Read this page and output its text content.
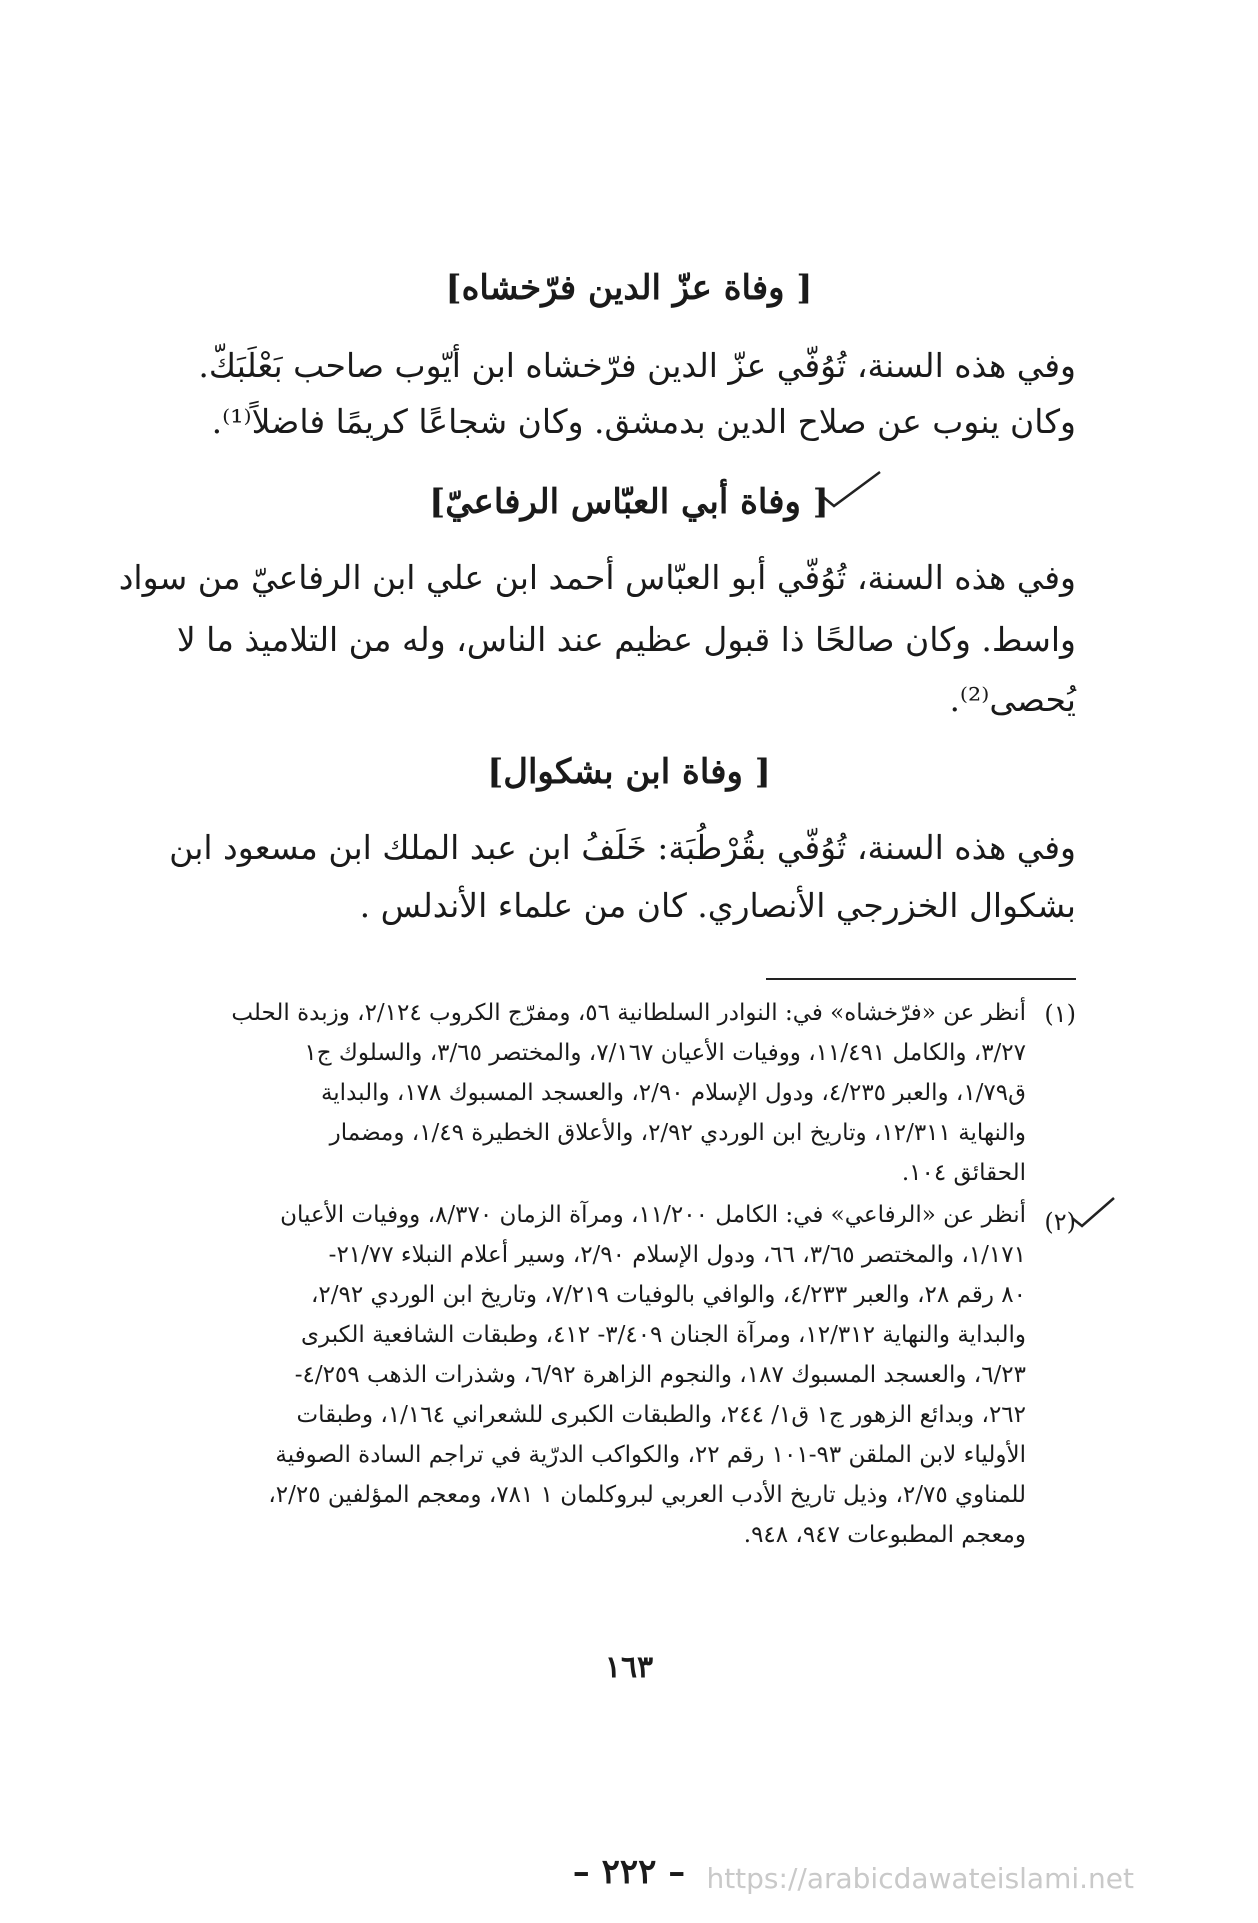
[ وفاة عزّ الدين فرّخشاه]
وفي هذه السنة، تُوُفّي عزّ الدين فرّخشاه ابن أيّوب صاحب بَعْلَبَكّ.
وكان ينوب عن صلاح الدين بدمشق. وكان شجاعًا كريمًا فاضلاً⁽¹⁾.
[ وفاة أبي العبّاس الرفاعيّ]
وفي هذه السنة، تُوُفّي أبو العبّاس أحمد ابن علي ابن الرفاعيّ من سواد
واسط. وكان صالحًا ذا قبول عظيم عند الناس، وله من التلاميذ ما لا
يُحصى⁽²⁾.
[ وفاة ابن بشكوال]
وفي هذه السنة، تُوُفّي بقُرْطُبَة: خَلَفُ ابن عبد الملك ابن مسعود ابن
بشكوال الخزرجي الأنصاري. كان من علماء الأندلس .
(١)
أنظر عن «فرّخشاه» في: النوادر السلطانية ٥٦، ومفرّج الكروب ٢/١٢٤، وزبدة الحلب
٣/٢٧، والكامل ١١/٤٩١، ووفيات الأعيان ٧/١٦٧، والمختصر ٣/٦٥، والسلوك ج١
ق١/٧٩، والعبر ٤/٢٣٥، ودول الإسلام ٢/٩٠، والعسجد المسبوك ١٧٨، والبداية
والنهاية ١٢/٣١١، وتاريخ ابن الوردي ٢/٩٢، والأعلاق الخطيرة ١/٤٩، ومضمار
الحقائق ١٠٤.
(٢)
أنظر عن «الرفاعي» في: الكامل ١١/٢٠٠، ومرآة الزمان ٨/٣٧٠، ووفيات الأعيان
١/١٧١، والمختصر ٣/٦٥، ٦٦، ودول الإسلام ٢/٩٠، وسير أعلام النبلاء ٢١/٧٧-
٨٠ رقم ٢٨، والعبر ٤/٢٣٣، والوافي بالوفيات ٧/٢١٩، وتاريخ ابن الوردي ٢/٩٢،
والبداية والنهاية ١٢/٣١٢، ومرآة الجنان ٣/٤٠٩- ٤١٢، وطبقات الشافعية الكبرى
٦/٢٣، والعسجد المسبوك ١٨٧، والنجوم الزاهرة ٦/٩٢، وشذرات الذهب ٤/٢٥٩-
٢٦٢، وبدائع الزهور ج١ ق١/ ٢٤٤، والطبقات الكبرى للشعراني ١/١٦٤، وطبقات
الأولياء لابن الملقن ٩٣-١٠١ رقم ٢٢، والكواكب الدرّية في تراجم السادة الصوفية
للمناوي ٢/٧٥، وذيل تاريخ الأدب العربي لبروكلمان ١ ٧٨١، ومعجم المؤلفين ٢/٢٥،
ومعجم المطبوعات ٩٤٧، ٩٤٨.
١٦٣
– ٢٢٢ – https://arabicdawateislami.net
